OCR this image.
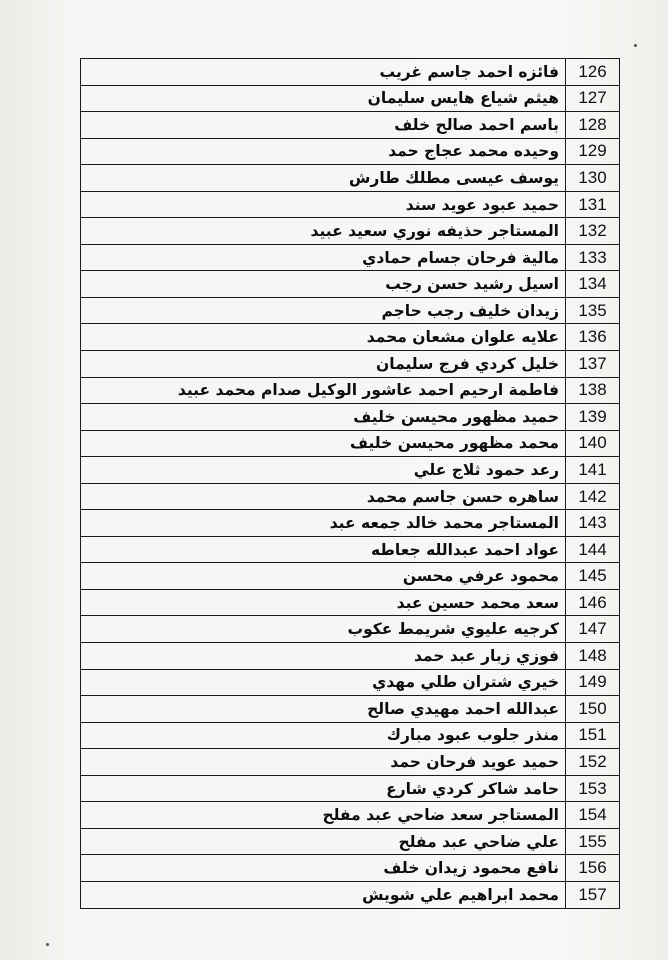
126	فائزه احمد جاسم غريب
127	هيثم شياع هايس سليمان
128	باسم احمد صالح خلف
129	وحيده محمد عجاج حمد
130	يوسف عيسى مطلك طارش
131	حميد عبود عويد سند
132	المستاجر حذيفه نوري سعيد عبيد
133	مالية فرحان جسام حمادي
134	اسيل رشيد حسن رجب
135	زيدان خليف رجب حاجم
136	علايه علوان مشعان محمد
137	خليل كردي فرج سليمان
138	فاطمة ارحيم احمد عاشور الوكيل صدام محمد عبيد
139	حميد مظهور محيسن خليف
140	محمد مظهور محيسن خليف
141	رعد حمود ثلاج علي
142	ساهره حسن جاسم محمد
143	المستاجر محمد خالد جمعه عبد
144	عواد احمد عبدالله جعاطه
145	محمود عرفي محسن
146	سعد محمد حسين عبد
147	كرجيه عليوي شريمط عكوب
148	فوزي زبار عبد حمد
149	خيري شتران طلي مهدي
150	عبدالله احمد مهيدي صالح
151	منذر جلوب عبود مبارك
152	حميد عويد فرحان حمد
153	حامد شاكر كردي شارع
154	المستاجر سعد ضاحي عبد مفلح
155	علي ضاحي عبد مفلح
156	نافع محمود زيدان خلف
157	محمد ابراهيم علي شويش
